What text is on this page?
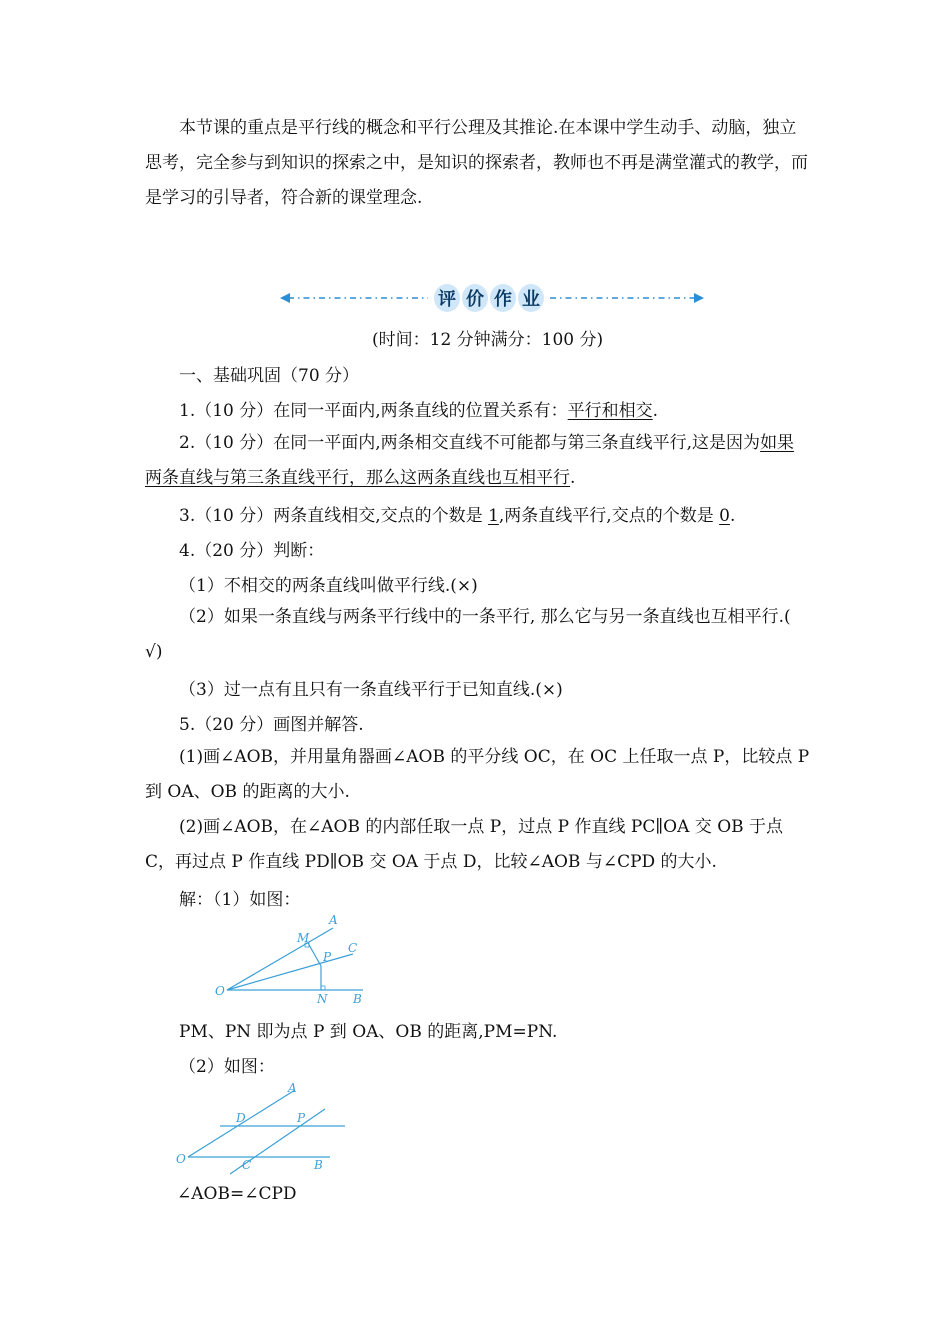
本节课的重点是平行线的概念和平行公理及其推论.在本课中学生动手、动脑，独立思考，完全参与到知识的探索之中，是知识的探索者，教师也不再是满堂灌式的教学，而是学习的引导者，符合新的课堂理念.

评 价 作 业
(时间：12 分钟满分：100 分)
一、基础巩固（70 分）
1.（10 分）在同一平面内,两条直线的位置关系有：平行和相交.

2.（10 分）在同一平面内,两条相交直线不可能都与第三条直线平行,这是因为如果两条直线与第三条直线平行，那么这两条直线也互相平行.

3.（10 分）两条直线相交,交点的个数是 1,两条直线平行,交点的个数是 0.
4.（20 分）判断：
（1）不相交的两条直线叫做平行线.(×)

（2）如果一条直线与两条平行线中的一条平行, 那么它与另一条直线也互相平行.( √)

（3）过一点有且只有一条直线平行于已知直线.(×)
5.（20 分）画图并解答.

(1)画∠AOB，并用量角器画∠AOB 的平分线 OC，在 OC 上任取一点 P，比较点 P 到 OA、OB 的距离的大小.

(2)画∠AOB，在∠AOB 的内部任取一点 P，过点 P 作直线 PC∥OA 交 OB 于点 C，再过点 P 作直线 PD∥OB 交 OA 于点 D，比较∠AOB 与∠CPD 的大小.

解：（1）如图：
A
M
C
P
O
N B
PM、PN 即为点 P 到 OA、OB 的距离,PM=PN.
（2）如图：
A
D	P
O	C	B
∠AOB=∠CPD
